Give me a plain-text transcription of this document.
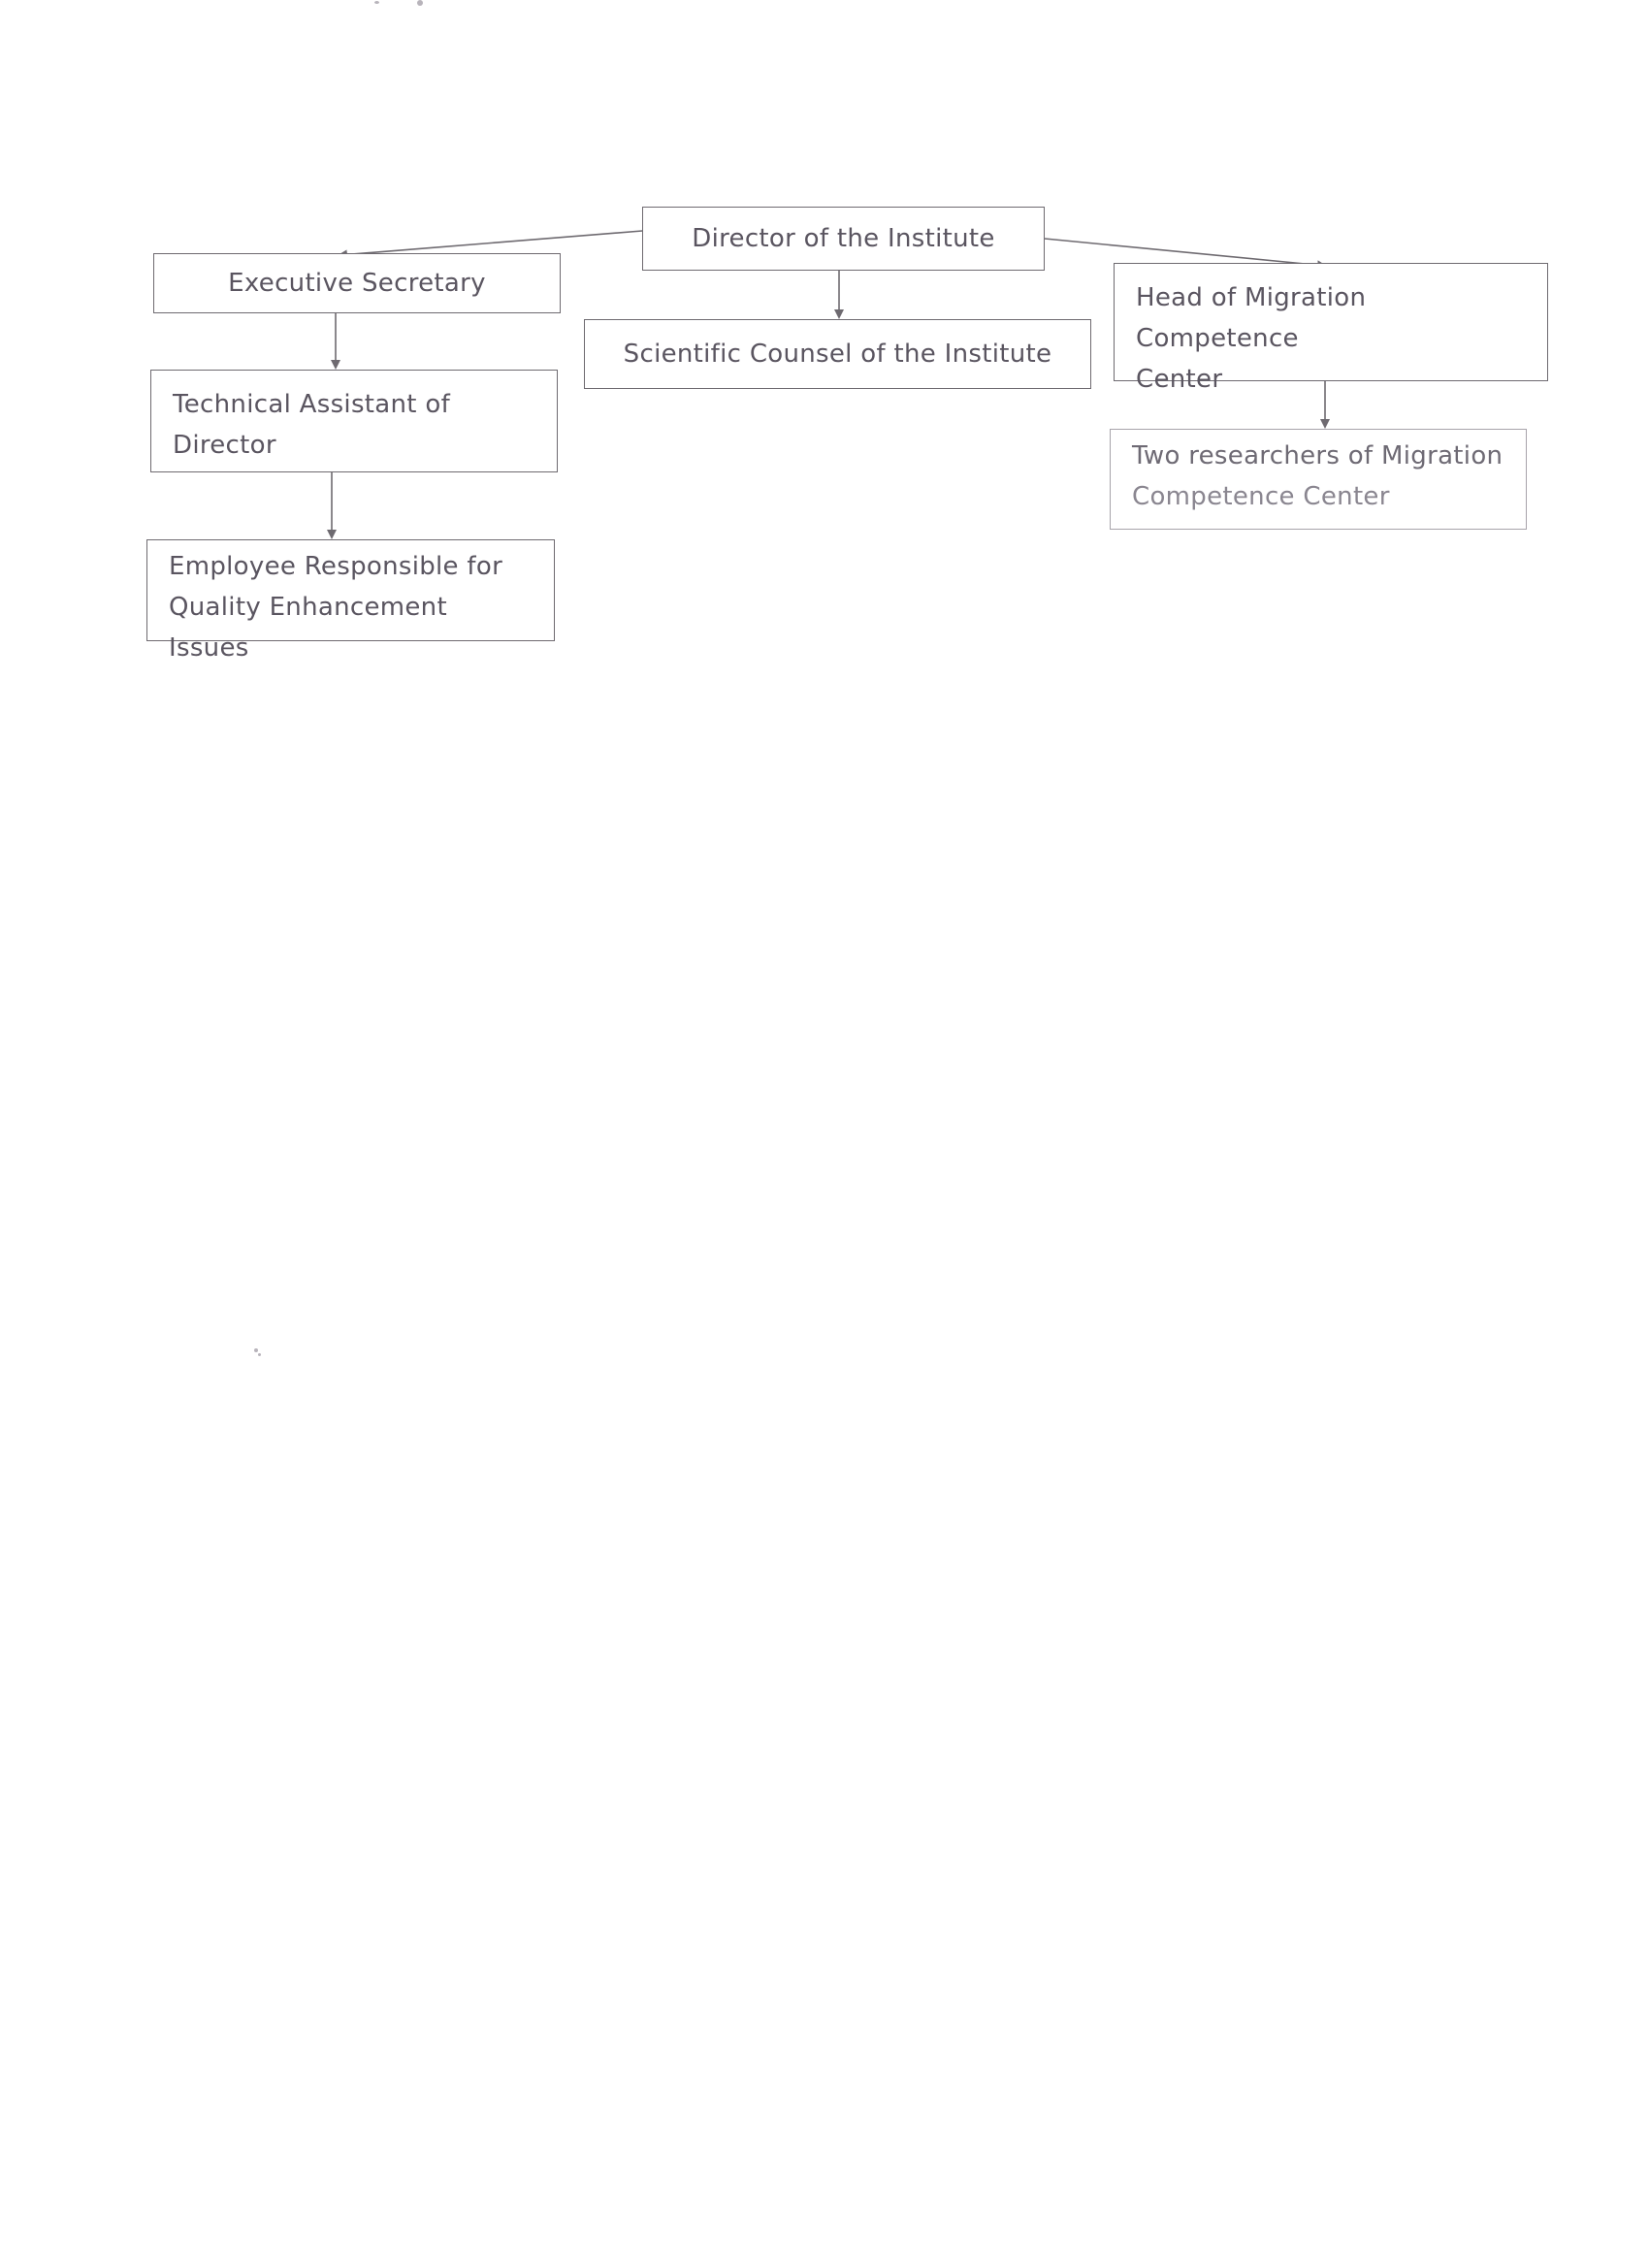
Director of the Institute
Executive Secretary
Scientific Counsel of the Institute
Head of Migration Competence
Center
Technical Assistant of Director	Two researchers of Migration
Competence Center
Employee Responsible for
Quality Enhancement Issues
